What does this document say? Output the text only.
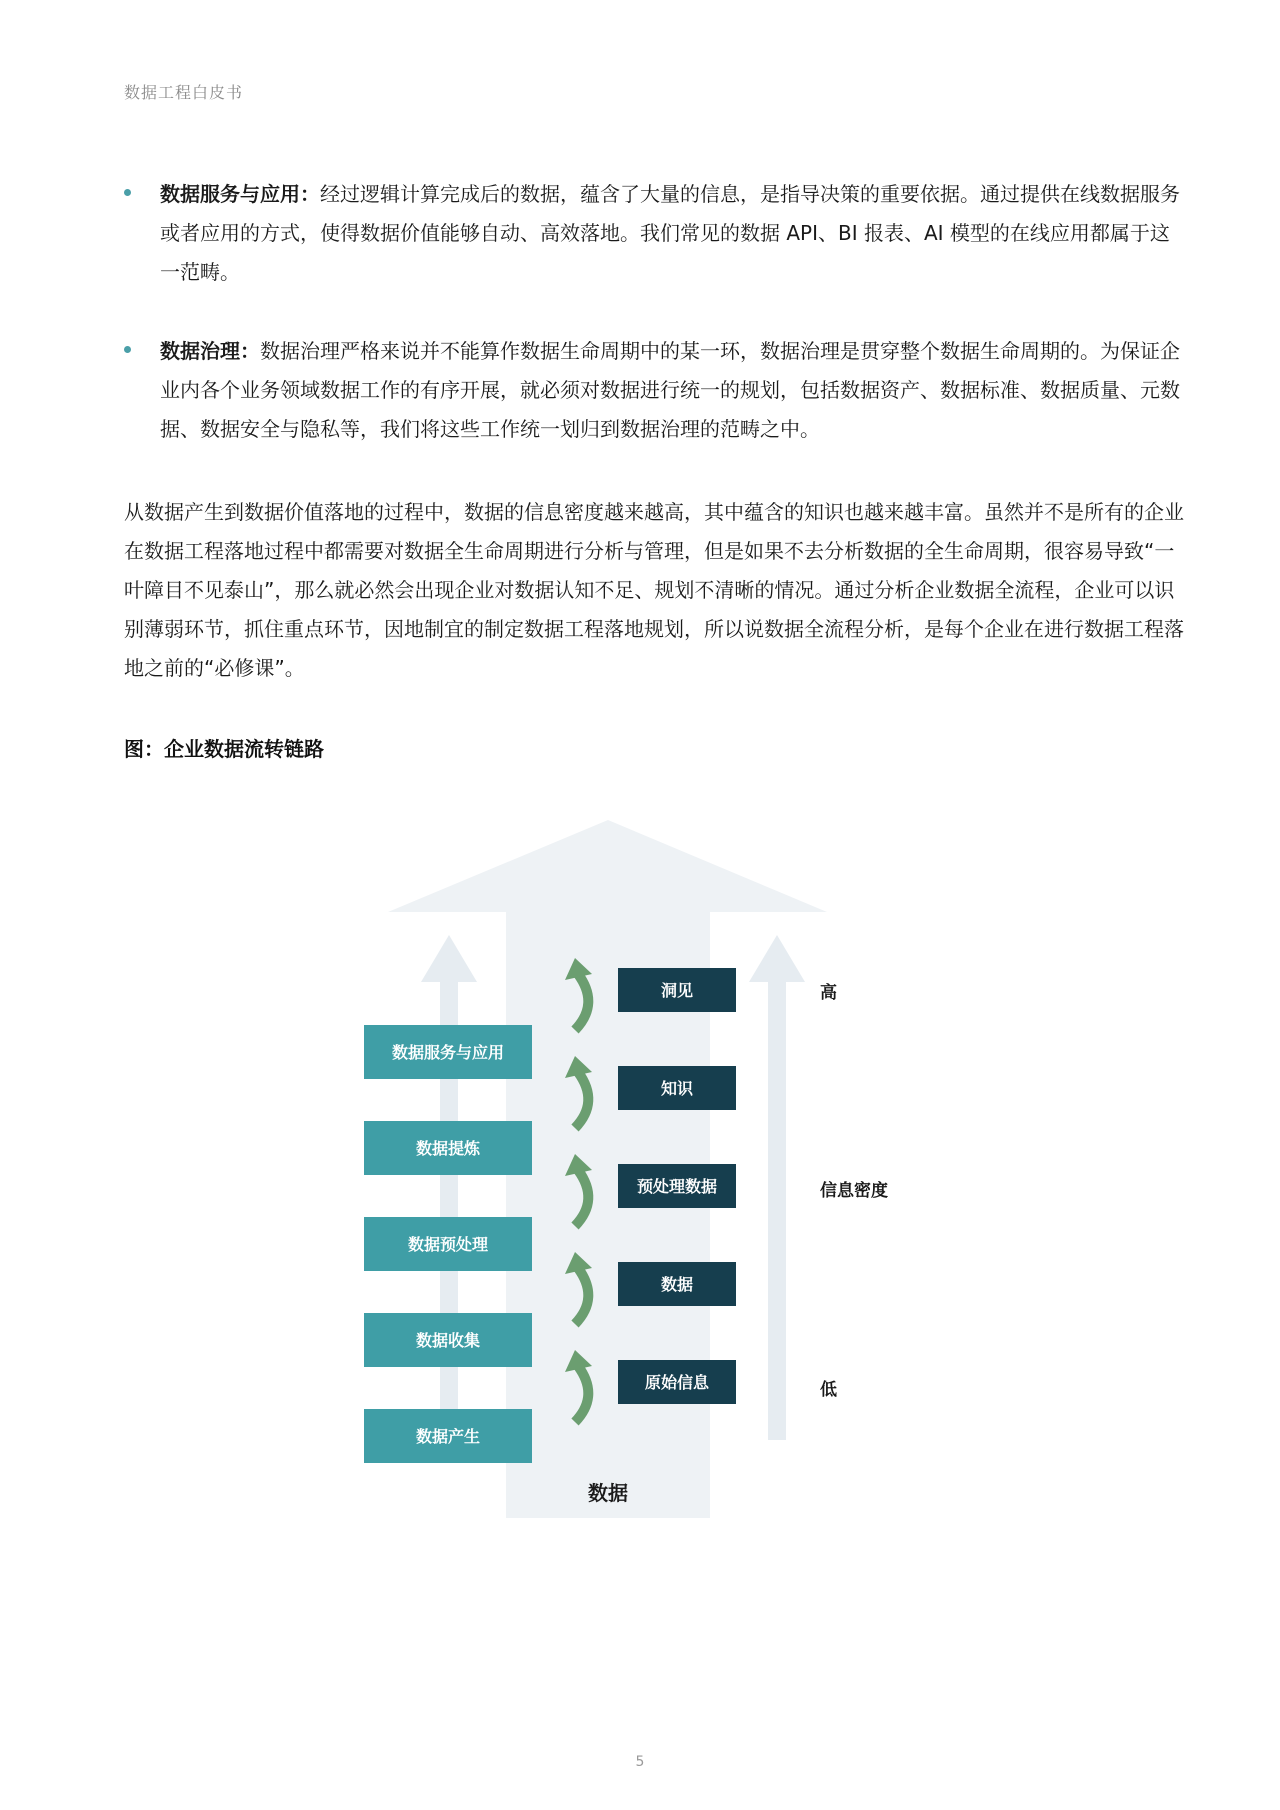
数据工程白皮书
数据服务与应用：经过逻辑计算完成后的数据，蕴含了大量的信息，是指导决策的重要依据。通过提供在线数据服务或者应用的方式，使得数据价值能够自动、高效落地。我们常见的数据 API、BI 报表、AI 模型的在线应用都属于这一范畴。
数据治理：数据治理严格来说并不能算作数据生命周期中的某一环，数据治理是贯穿整个数据生命周期的。为保证企业内各个业务领域数据工作的有序开展，就必须对数据进行统一的规划，包括数据资产、数据标准、数据质量、元数据、数据安全与隐私等，我们将这些工作统一划归到数据治理的范畴之中。
从数据产生到数据价值落地的过程中，数据的信息密度越来越高，其中蕴含的知识也越来越丰富。虽然并不是所有的企业在数据工程落地过程中都需要对数据全生命周期进行分析与管理，但是如果不去分析数据的全生命周期，很容易导致“一叶障目不见泰山”，那么就必然会出现企业对数据认知不足、规划不清晰的情况。通过分析企业数据全流程，企业可以识别薄弱环节，抓住重点环节，因地制宜的制定数据工程落地规划，所以说数据全流程分析，是每个企业在进行数据工程落地之前的“必修课”。
图：企业数据流转链路
数据服务与应用
数据提炼
数据预处理
数据收集
数据产生
洞见
知识
预处理数据
数据
原始信息
数据
高
信息密度
低
5
